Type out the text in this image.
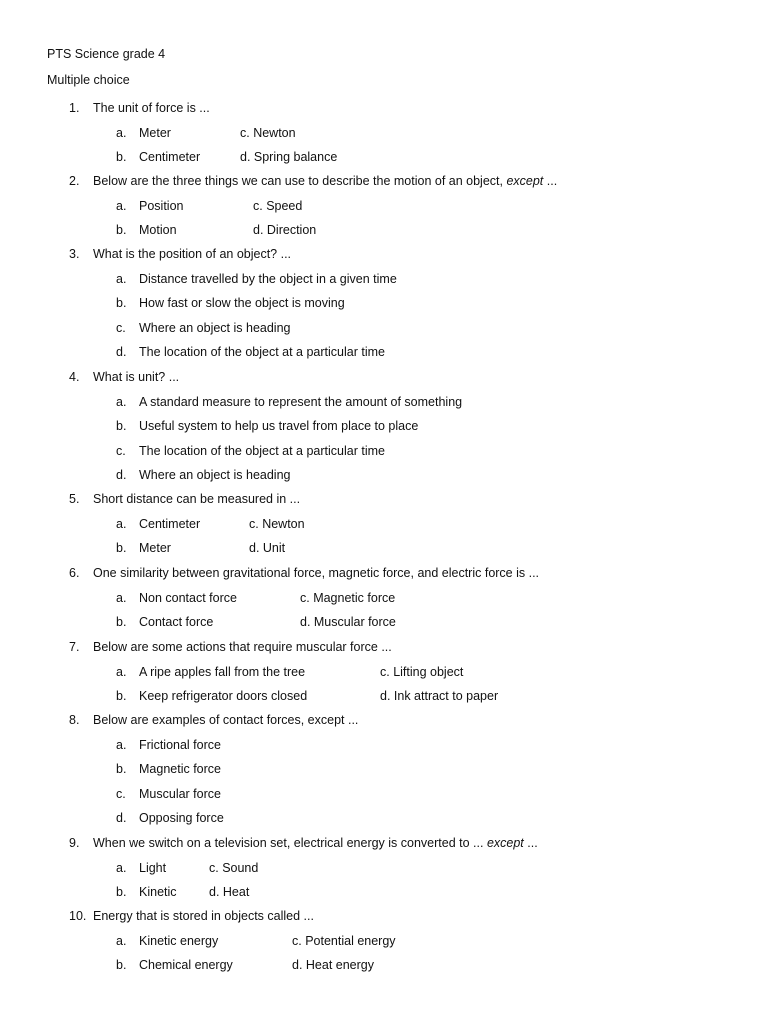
PTS Science grade 4
Multiple choice
1. The unit of force is ...
a. Meter	c. Newton
b. Centimeter	d. Spring balance
2. Below are the three things we can use to describe the motion of an object, except ...
a. Position	c. Speed
b. Motion	d. Direction
3. What is the position of an object? ...
a. Distance travelled by the object in a given time
b. How fast or slow the object is moving
c. Where an object is heading
d. The location of the object at a particular time
4. What is unit? ...
a. A standard measure to represent the amount of something
b. Useful system to help us travel from place to place
c. The location of the object at a particular time
d. Where an object is heading
5. Short distance can be measured in ...
a. Centimeter	c. Newton
b. Meter	d. Unit
6. One similarity between gravitational force, magnetic force, and electric force is ...
a. Non contact force	c. Magnetic force
b. Contact force	d. Muscular force
7. Below are some actions that require muscular force ...
a. A ripe apples fall from the tree	c. Lifting object
b. Keep refrigerator doors closed	d. Ink attract to paper
8. Below are examples of contact forces, except ...
a. Frictional force
b. Magnetic force
c. Muscular force
d. Opposing force
9. When we switch on a television set, electrical energy is converted to ... except ...
a. Light	c. Sound
b. Kinetic	d. Heat
10. Energy that is stored in objects called ...
a. Kinetic energy	c. Potential energy
b. Chemical energy	d. Heat energy
